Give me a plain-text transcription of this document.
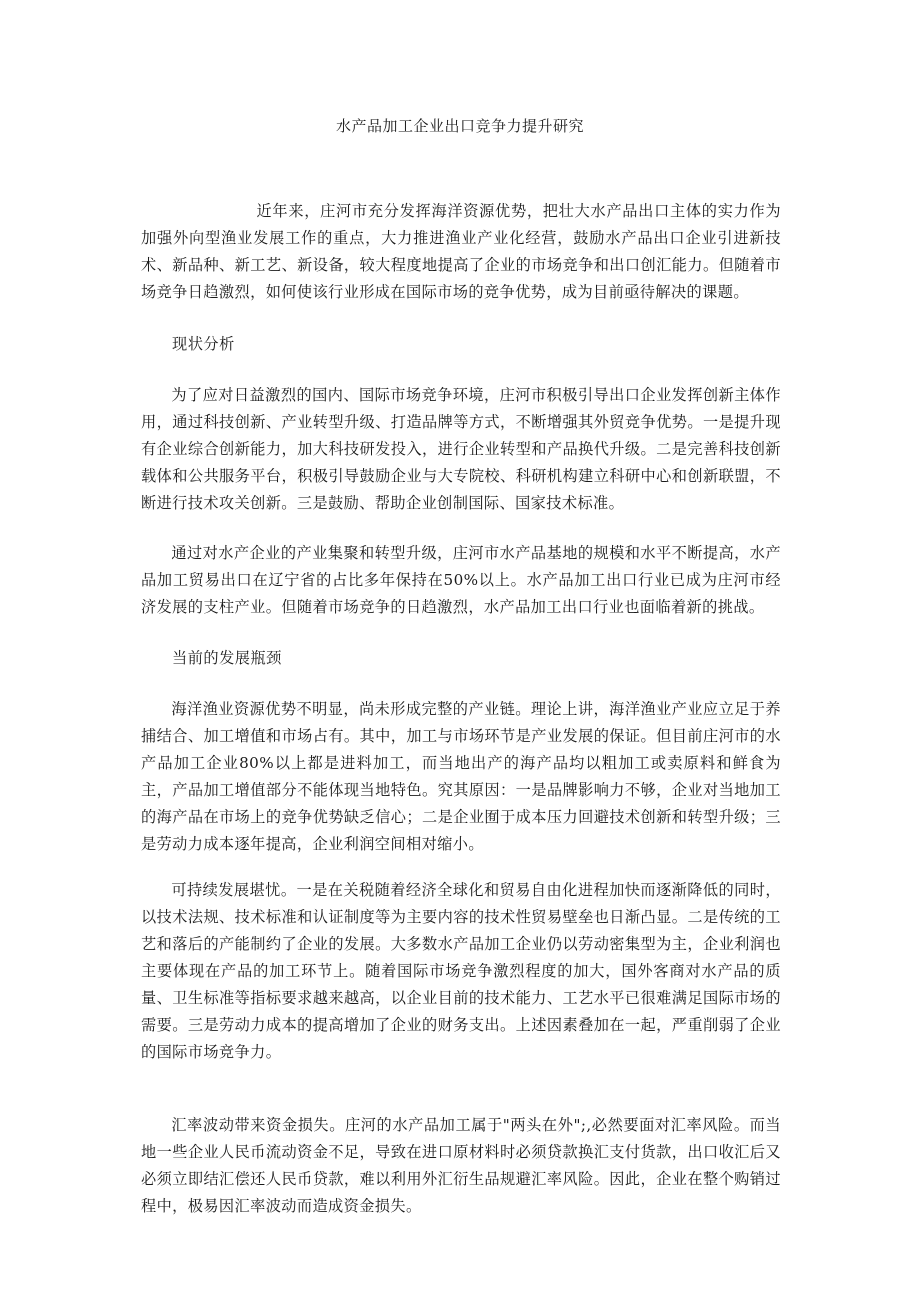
水产品加工企业出口竞争力提升研究

近年来，庄河市充分发挥海洋资源优势，把壮大水产品出口主体的实力作为加强外向型渔业发展工作的重点，大力推进渔业产业化经营，鼓励水产品出口企业引进新技术、新品种、新工艺、新设备，较大程度地提高了企业的市场竞争和出口创汇能力。但随着市场竞争日趋激烈，如何使该行业形成在国际市场的竞争优势，成为目前亟待解决的课题。

现状分析

为了应对日益激烈的国内、国际市场竞争环境，庄河市积极引导出口企业发挥创新主体作用，通过科技创新、产业转型升级、打造品牌等方式，不断增强其外贸竞争优势。一是提升现有企业综合创新能力，加大科技研发投入，进行企业转型和产品换代升级。二是完善科技创新载体和公共服务平台，积极引导鼓励企业与大专院校、科研机构建立科研中心和创新联盟，不断进行技术攻关创新。三是鼓励、帮助企业创制国际、国家技术标准。

通过对水产企业的产业集聚和转型升级，庄河市水产品基地的规模和水平不断提高，水产品加工贸易出口在辽宁省的占比多年保持在50%以上。水产品加工出口行业已成为庄河市经济发展的支柱产业。但随着市场竞争的日趋激烈，水产品加工出口行业也面临着新的挑战。

当前的发展瓶颈

海洋渔业资源优势不明显，尚未形成完整的产业链。理论上讲，海洋渔业产业应立足于养捕结合、加工增值和市场占有。其中，加工与市场环节是产业发展的保证。但目前庄河市的水产品加工企业80%以上都是进料加工，而当地出产的海产品均以粗加工或卖原料和鲜食为主，产品加工增值部分不能体现当地特色。究其原因：一是品牌影响力不够，企业对当地加工的海产品在市场上的竞争优势缺乏信心；二是企业囿于成本压力回避技术创新和转型升级；三是劳动力成本逐年提高，企业利润空间相对缩小。

可持续发展堪忧。一是在关税随着经济全球化和贸易自由化进程加快而逐渐降低的同时，以技术法规、技术标准和认证制度等为主要内容的技术性贸易壁垒也日渐凸显。二是传统的工艺和落后的产能制约了企业的发展。大多数水产品加工企业仍以劳动密集型为主，企业利润也主要体现在产品的加工环节上。随着国际市场竞争激烈程度的加大，国外客商对水产品的质量、卫生标准等指标要求越来越高，以企业目前的技术能力、工艺水平已很难满足国际市场的需要。三是劳动力成本的提高增加了企业的财务支出。上述因素叠加在一起，严重削弱了企业的国际市场竞争力。

汇率波动带来资金损失。庄河的水产品加工属于"两头在外";,必然要面对汇率风险。而当地一些企业人民币流动资金不足，导致在进口原材料时必须贷款换汇支付货款，出口收汇后又必须立即结汇偿还人民币贷款，难以利用外汇衍生品规避汇率风险。因此，企业在整个购销过程中，极易因汇率波动而造成资金损失。
